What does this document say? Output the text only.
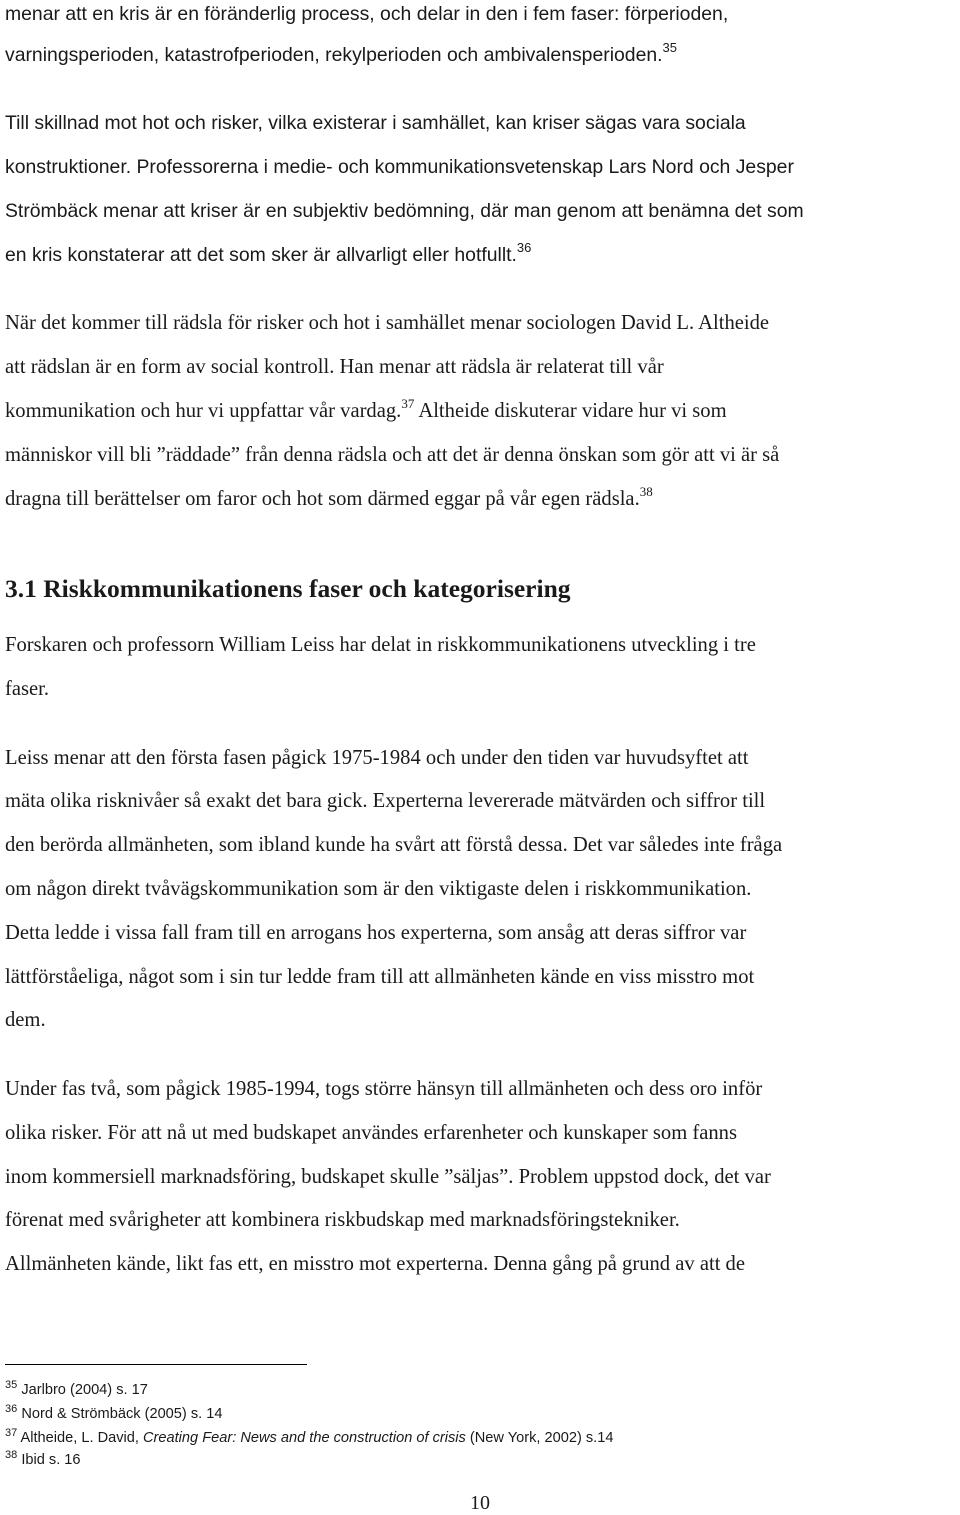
menar att en kris är en föränderlig process, och delar in den i fem faser: förperioden,

varningsperioden, katastrofperioden, rekylperioden och ambivalensperioden.$^{35}$

Till skillnad mot hot och risker, vilka existerar i samhället, kan kriser sägas vara sociala

konstruktioner. Professorerna i medie- och kommunikationsvetenskap Lars Nord och Jesper

Strömbäck menar att kriser är en subjektiv bedömning, där man genom att benämna det som

en kris konstaterar att det som sker är allvarligt eller hotfullt.$^{36}$

När det kommer till rädsla för risker och hot i samhället menar sociologen David L. Altheide

att rädslan är en form av social kontroll. Han menar att rädsla är relaterat till vår

kommunikation och hur vi uppfattar vår vardag.$^{37}$ Altheide diskuterar vidare hur vi som

människor vill bli ”räddade” från denna rädsla och att det är denna önskan som gör att vi är så

dragna till berättelser om faror och hot som därmed eggar på vår egen rädsla.$^{38}$

3.1 Riskkommunikationens faser och kategorisering

Forskaren och professorn William Leiss har delat in riskkommunikationens utveckling i tre

faser.

Leiss menar att den första fasen pågick 1975-1984 och under den tiden var huvudsyftet att

mäta olika risknivåer så exakt det bara gick. Experterna levererade mätvärden och siffror till

den berörda allmänheten, som ibland kunde ha svårt att förstå dessa. Det var således inte fråga

om någon direkt tvåvägskommunikation som är den viktigaste delen i riskkommunikation.

Detta ledde i vissa fall fram till en arrogans hos experterna, som ansåg att deras siffror var

lättförståeliga, något som i sin tur ledde fram till att allmänheten kände en viss misstro mot

dem.

Under fas två, som pågick 1985-1994, togs större hänsyn till allmänheten och dess oro inför

olika risker. För att nå ut med budskapet användes erfarenheter och kunskaper som fanns

inom kommersiell marknadsföring, budskapet skulle ”säljas”. Problem uppstod dock, det var

förenat med svårigheter att kombinera riskbudskap med marknadsföringstekniker.

Allmänheten kände, likt fas ett, en misstro mot experterna. Denna gång på grund av att de

$^{35}$ Jarlbro (2004) s. 17

$^{36}$ Nord & Strömbäck (2005) s. 14

$^{37}$ Altheide, L. David, Creating Fear: News and the construction of crisis (New York, 2002) s.14

$^{38}$ Ibid s. 16

10
